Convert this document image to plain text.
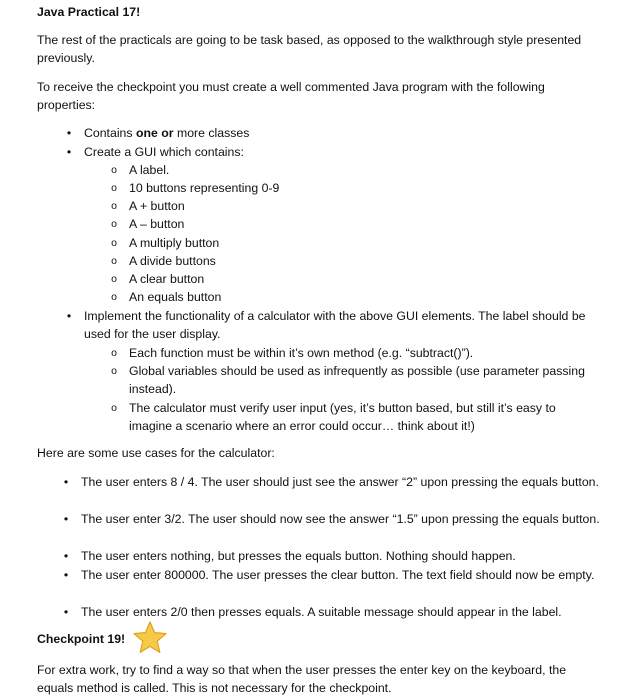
Java Practical 17!

The rest of the practicals are going to be task based, as opposed to the walkthrough style presented previously.

To receive the checkpoint you must create a well commented Java program with the following properties:

•	Contains one or more classes

•	Create a GUI which contains:

o A label.

o 10 buttons representing 0-9

o A + button

o A – button

o A multiply button

o A divide buttons

o A clear button

o An equals button

•	Implement the functionality of a calculator with the above GUI elements. The label should be used for the user display.

o Each function must be within it’s own method (e.g. “subtract()”).

o Global variables should be used as infrequently as possible (use parameter passing instead).

o The calculator must verify user input (yes, it’s button based, but still it’s easy to imagine a scenario where an error could occur… think about it!)

Here are some use cases for the calculator:

•	The user enters 8 / 4. The user should just see the answer “2” upon pressing the equals button.

•	The user enter 3/2. The user should now see the answer “1.5” upon pressing the equals button.

•	The user enters nothing, but presses the equals button. Nothing should happen.

•	The user enter 800000. The user presses the clear button. The text field should now be empty.

•	The user enters 2/0 then presses equals. A suitable message should appear in the label.

Checkpoint 19!

For extra work, try to find a way so that when the user presses the enter key on the keyboard, the equals method is called. This is not necessary for the checkpoint.
